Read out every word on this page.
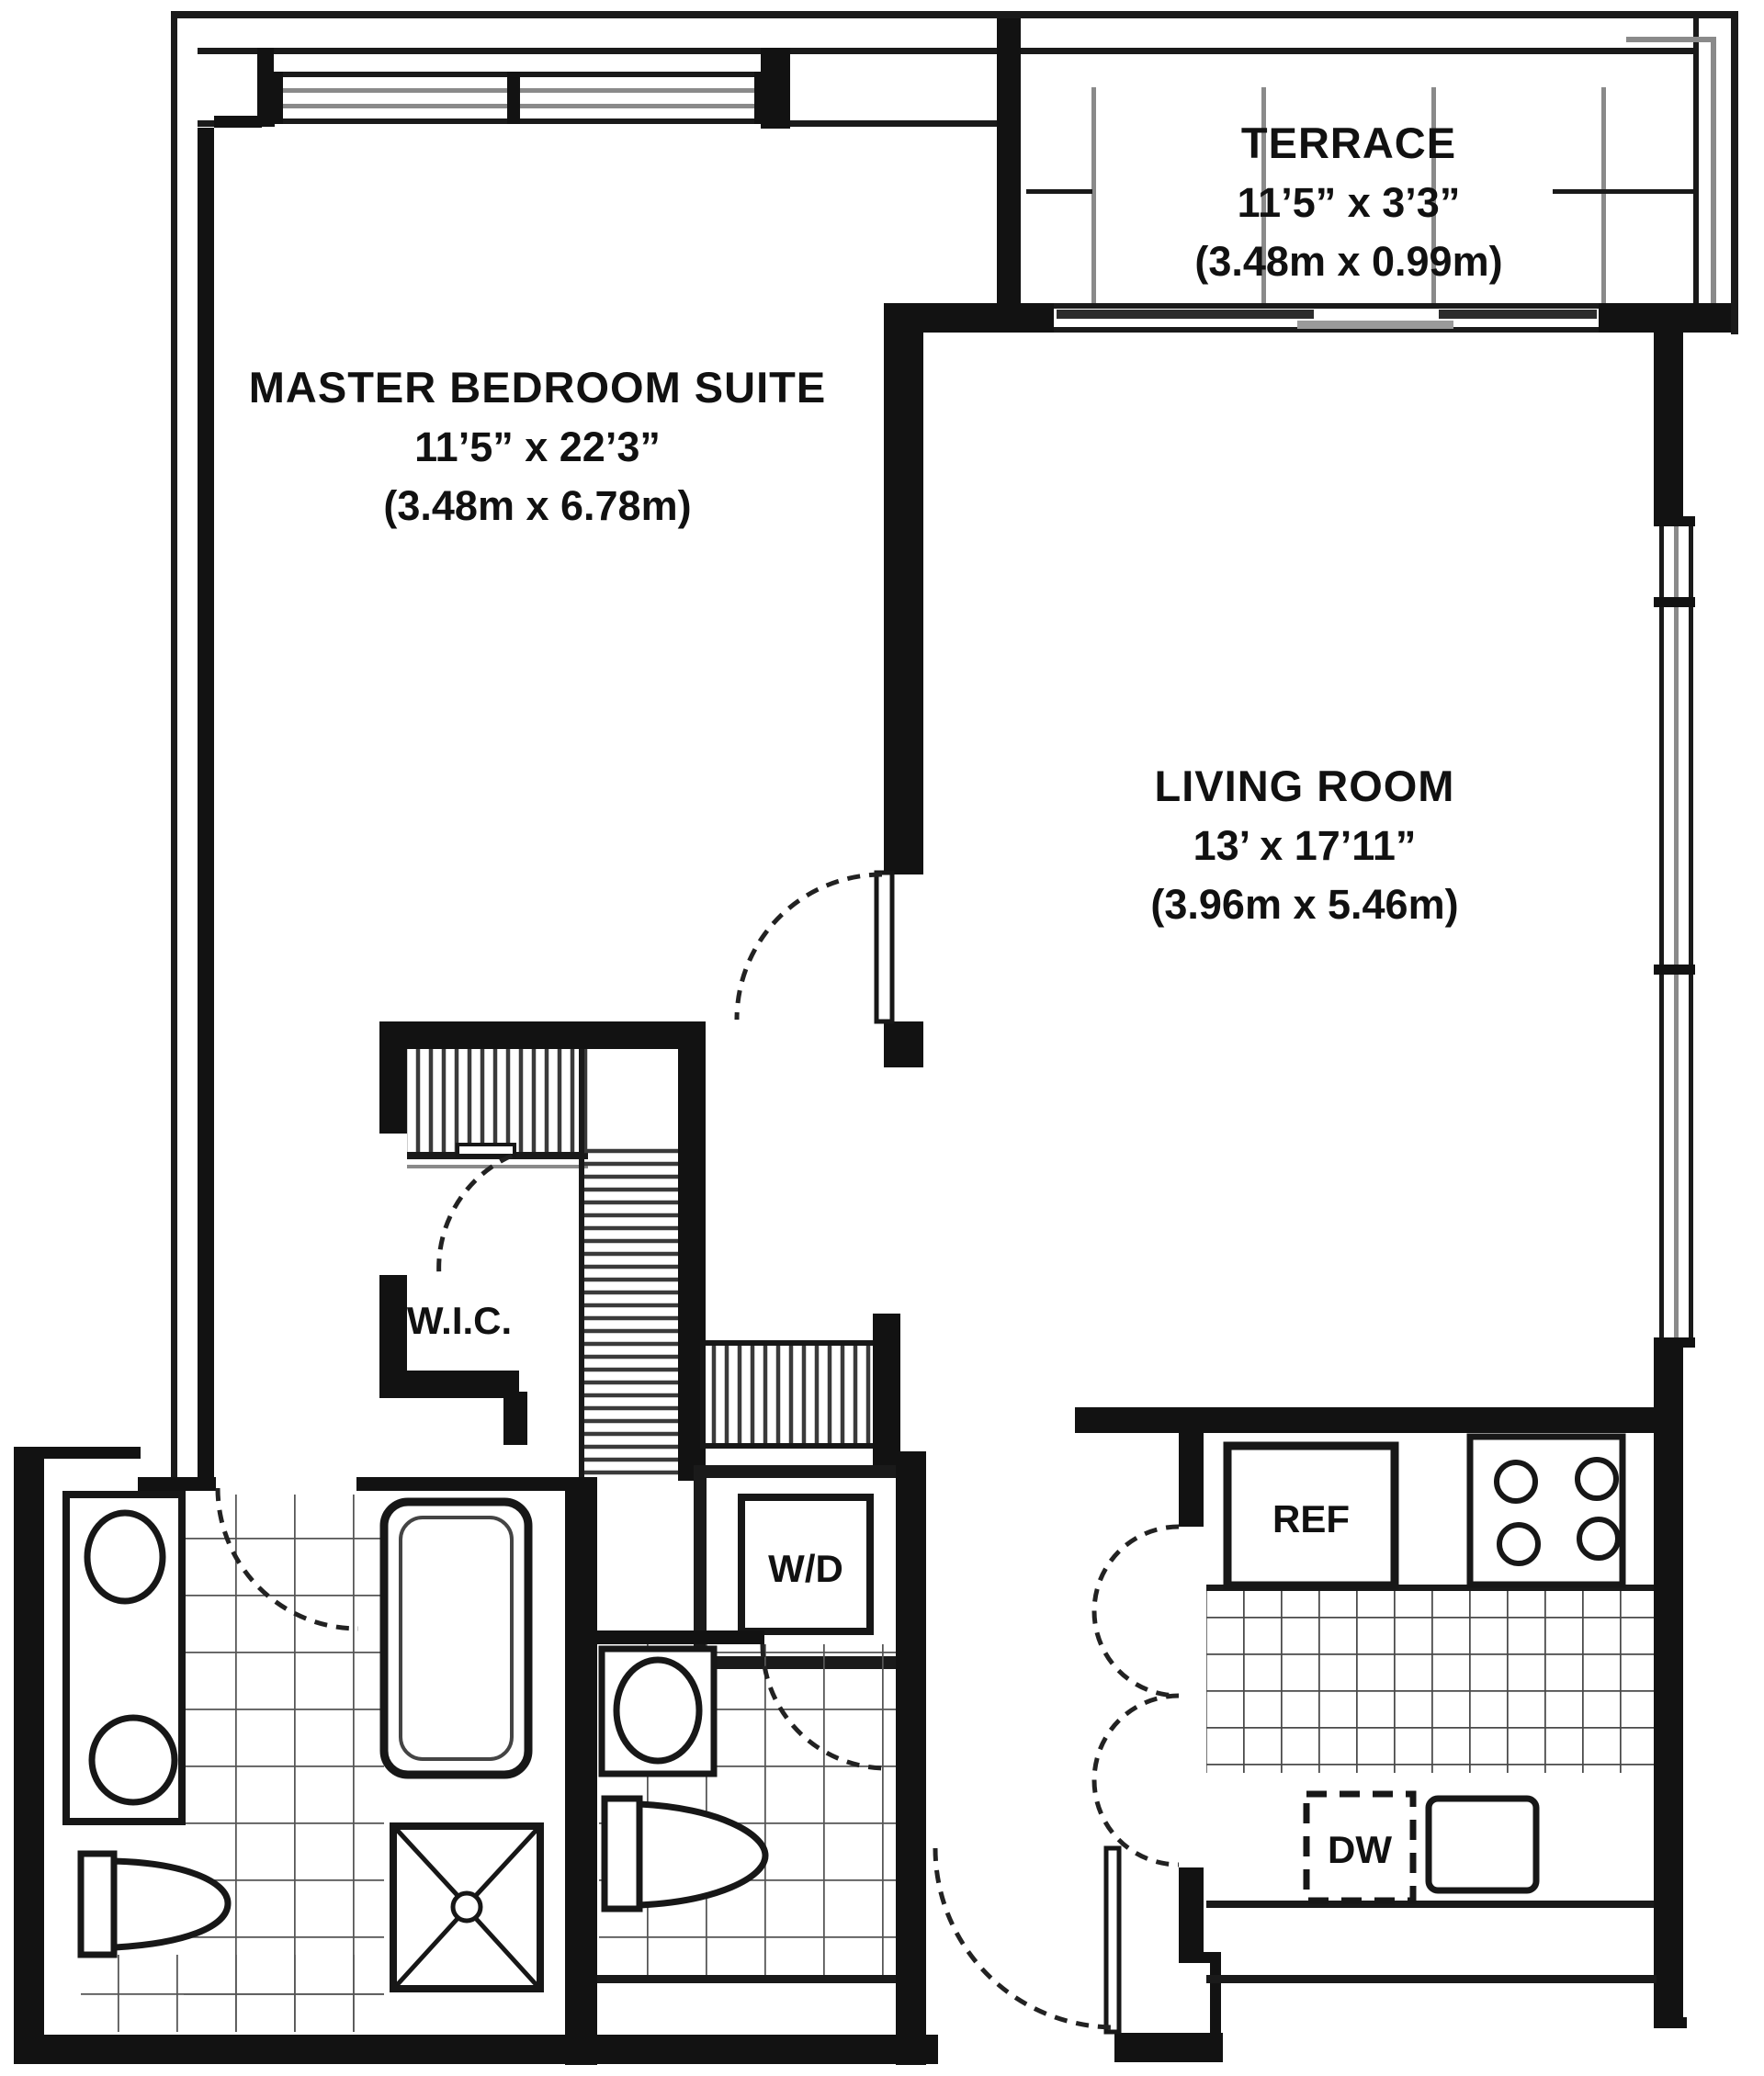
MASTER BEDROOM SUITE
11’5” x 22’3”
(3.48m x 6.78m)
TERRACE
11’5” x 3’3”
(3.48m x 0.99m)
LIVING ROOM
13’ x 17’11”
(3.96m x 5.46m)
W.I.C.
W/D
REF
DW
